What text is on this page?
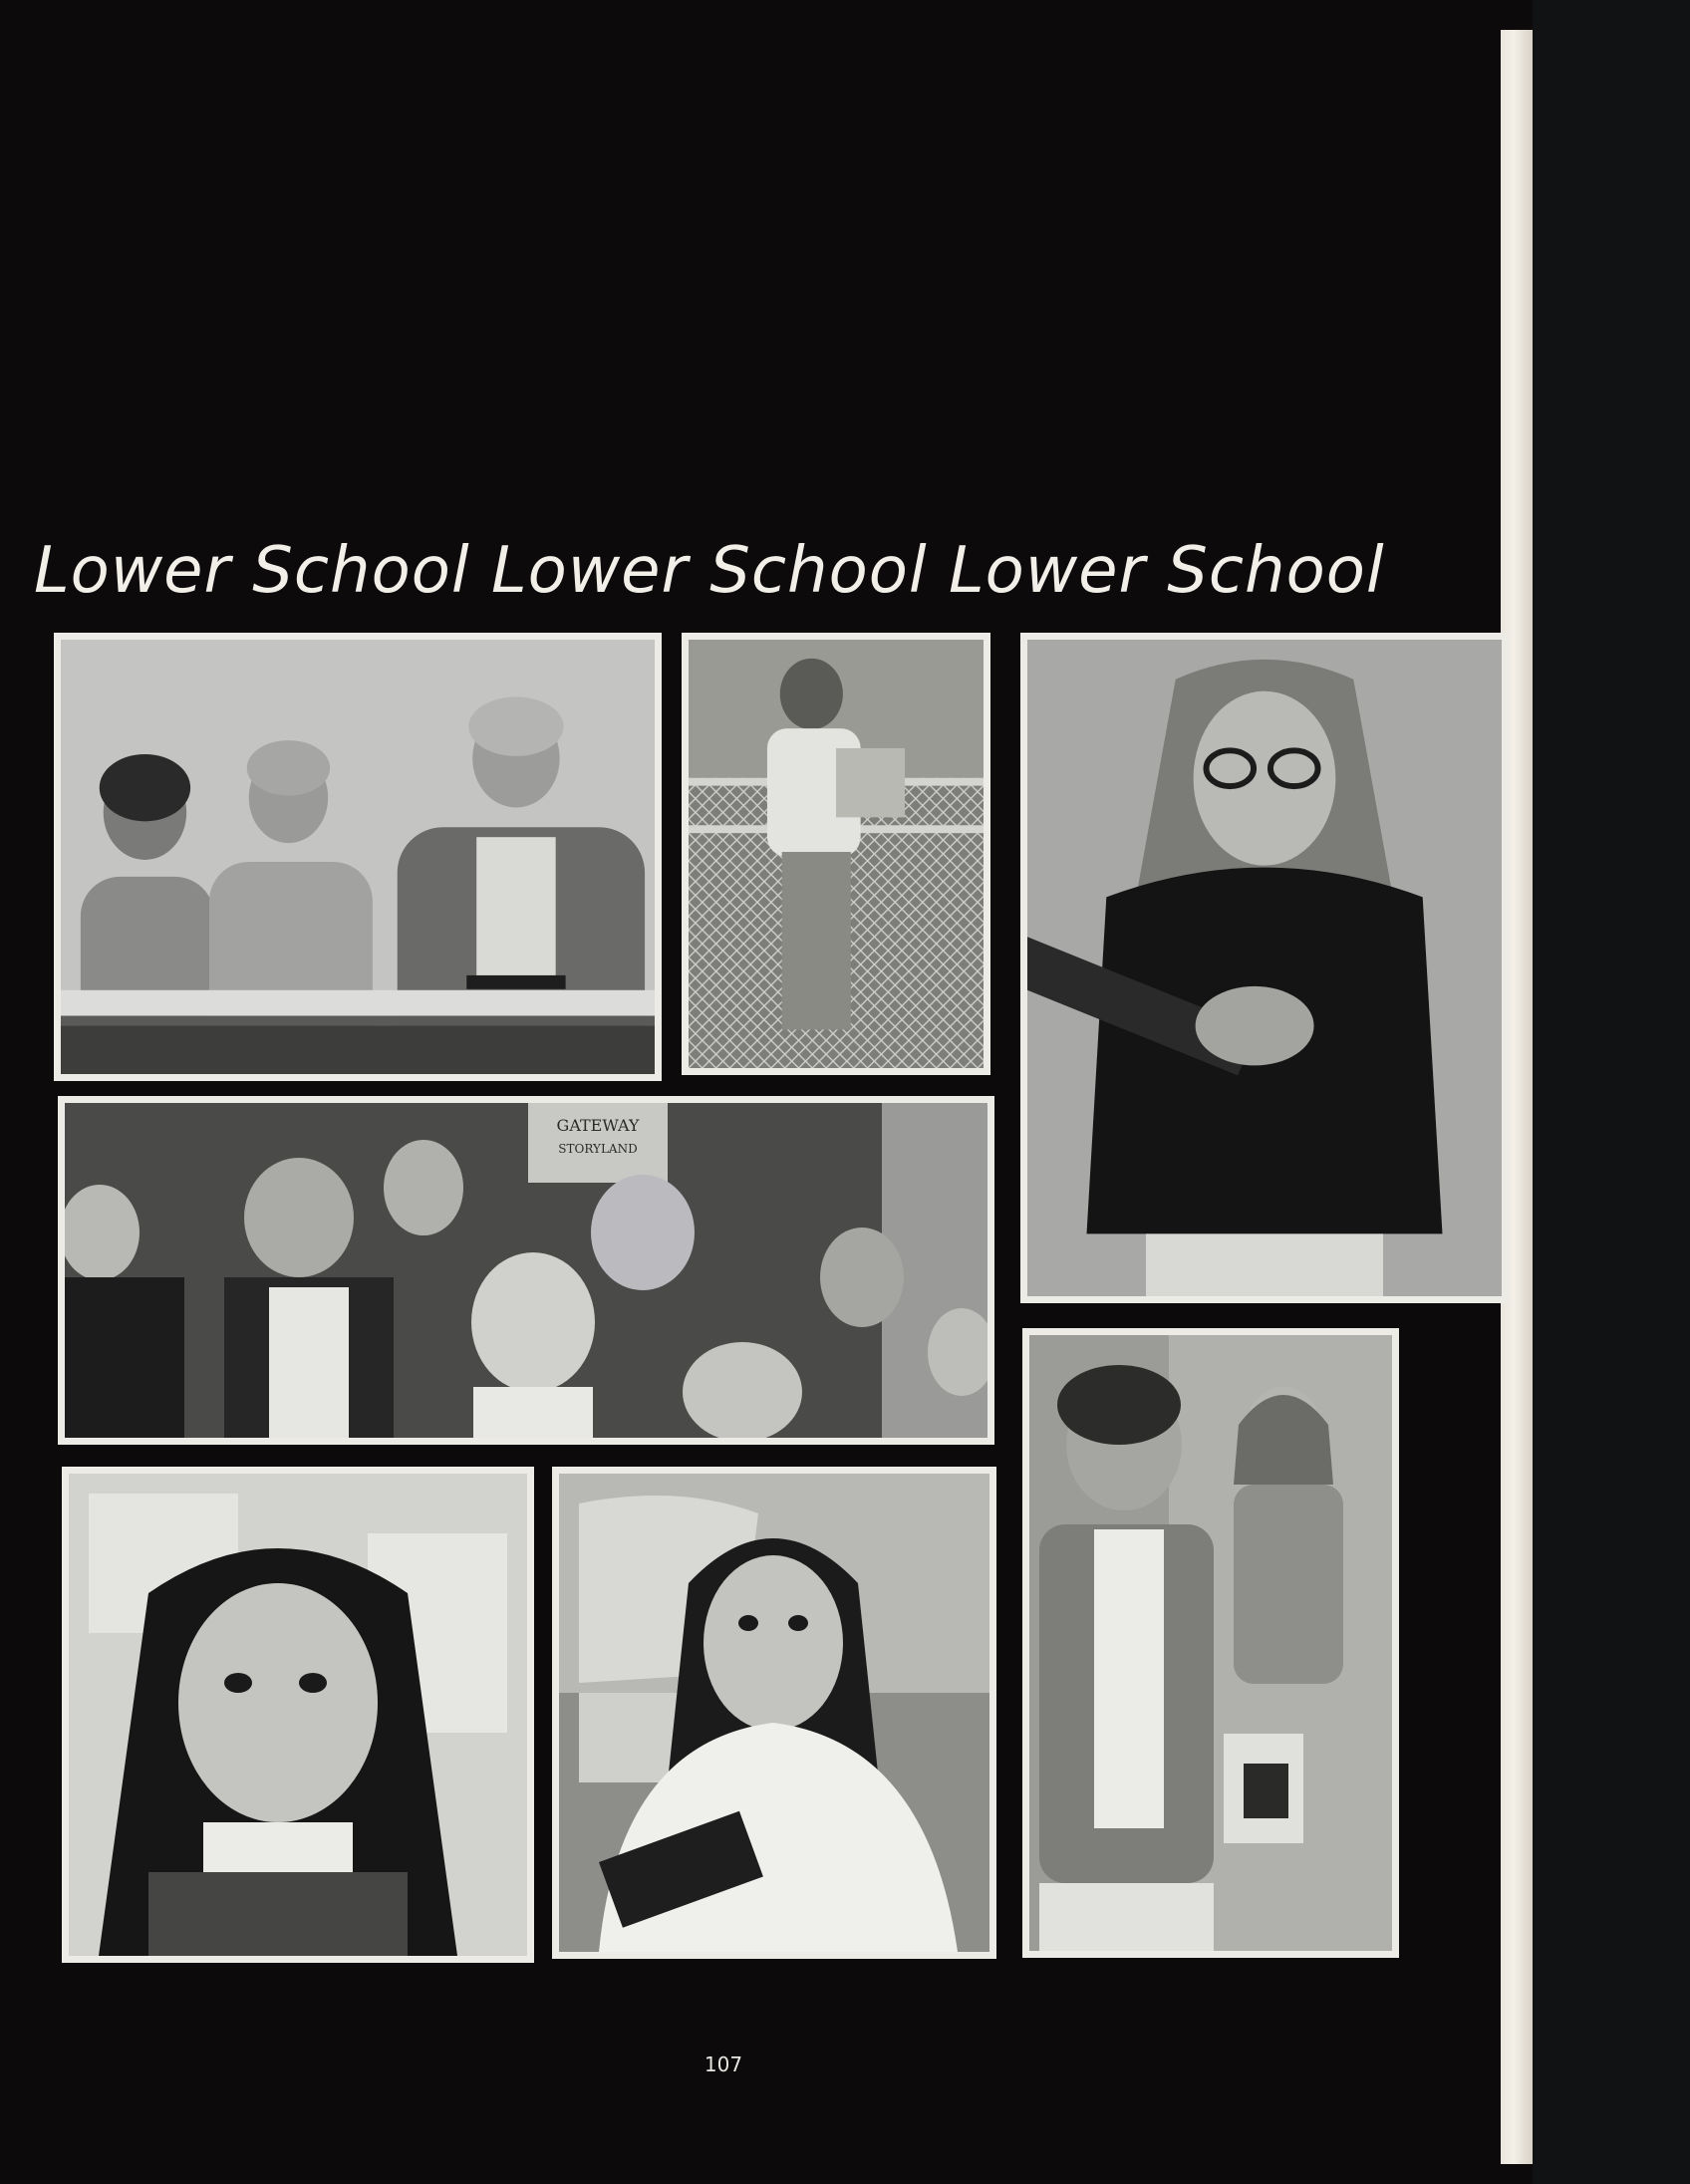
Lower School Lower School Lower School
GATEWAY
STORYLAND
107
